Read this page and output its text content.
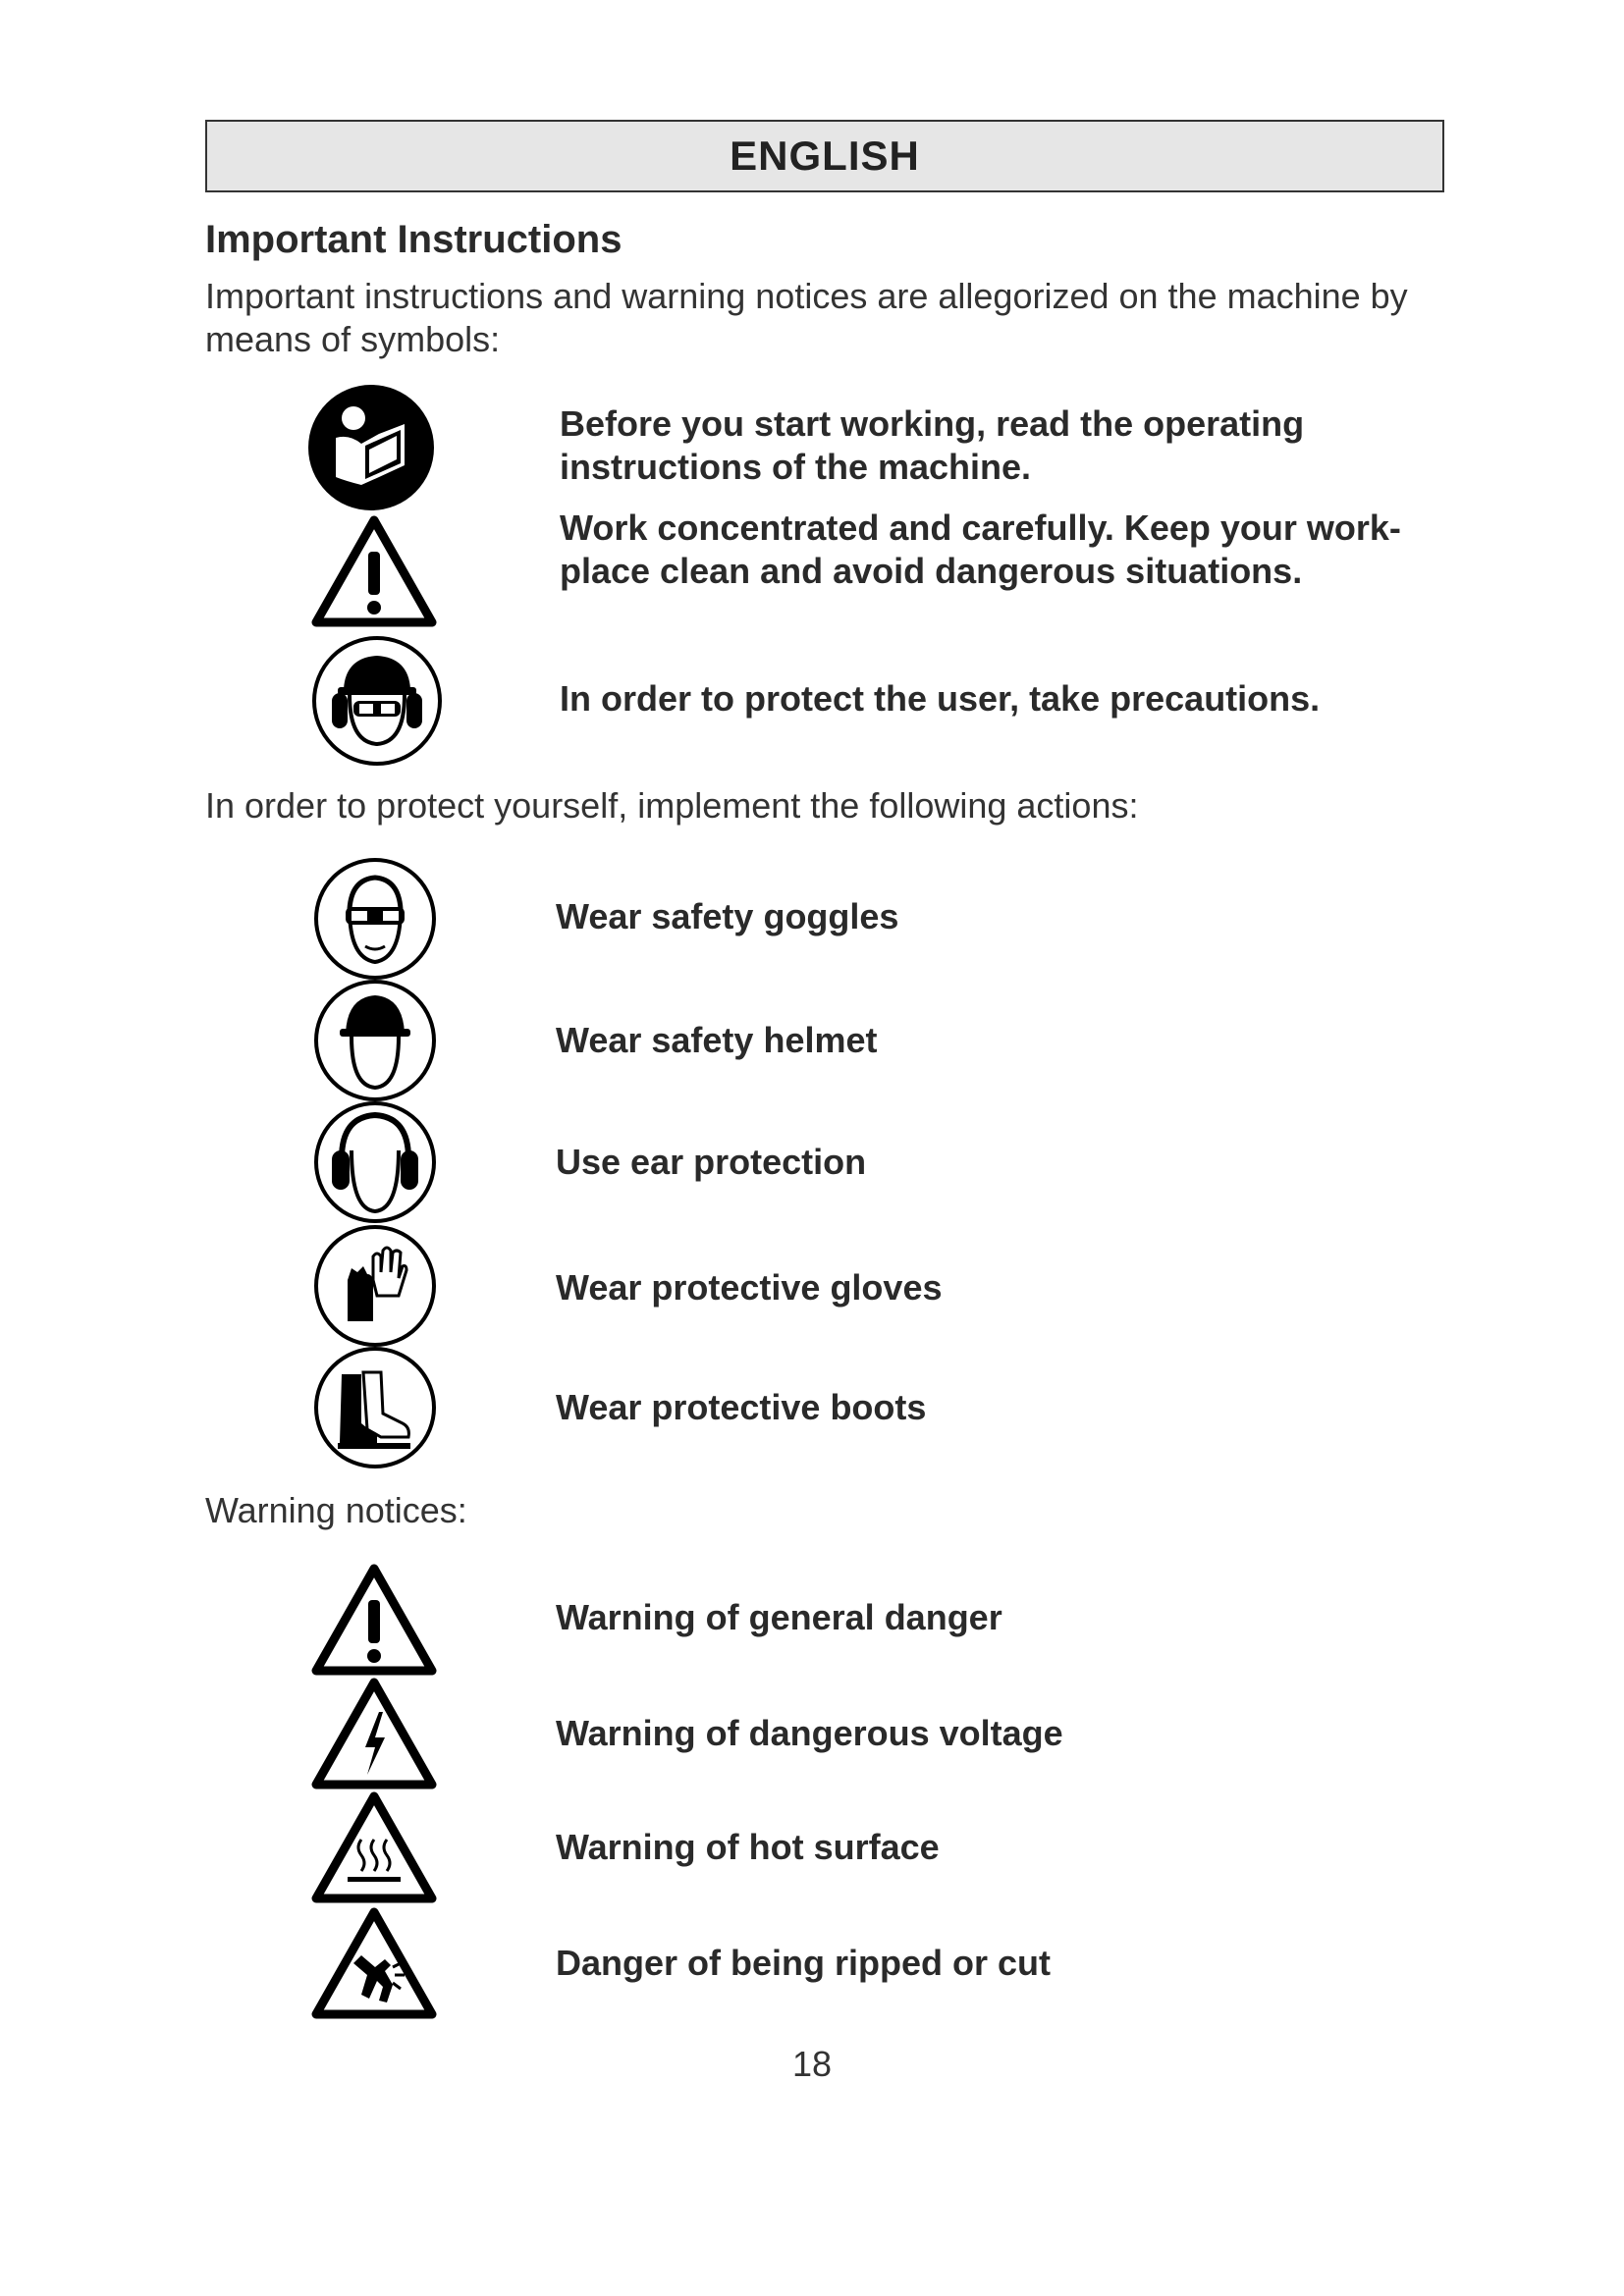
ENGLISH
Important Instructions
Important instructions and warning notices are allegorized on the machine by means of symbols:
Before you start working, read the operating instructions of the machine.
Work concentrated and carefully. Keep your work-place clean and avoid dangerous situations.
In order to protect the user, take precautions.
In order to protect yourself, implement the following actions:
Wear safety goggles
Wear safety helmet
Use ear protection
Wear protective gloves
Wear protective boots
Warning notices:
Warning of general danger
Warning of dangerous voltage
Warning of hot surface
Danger of being ripped or cut
18
